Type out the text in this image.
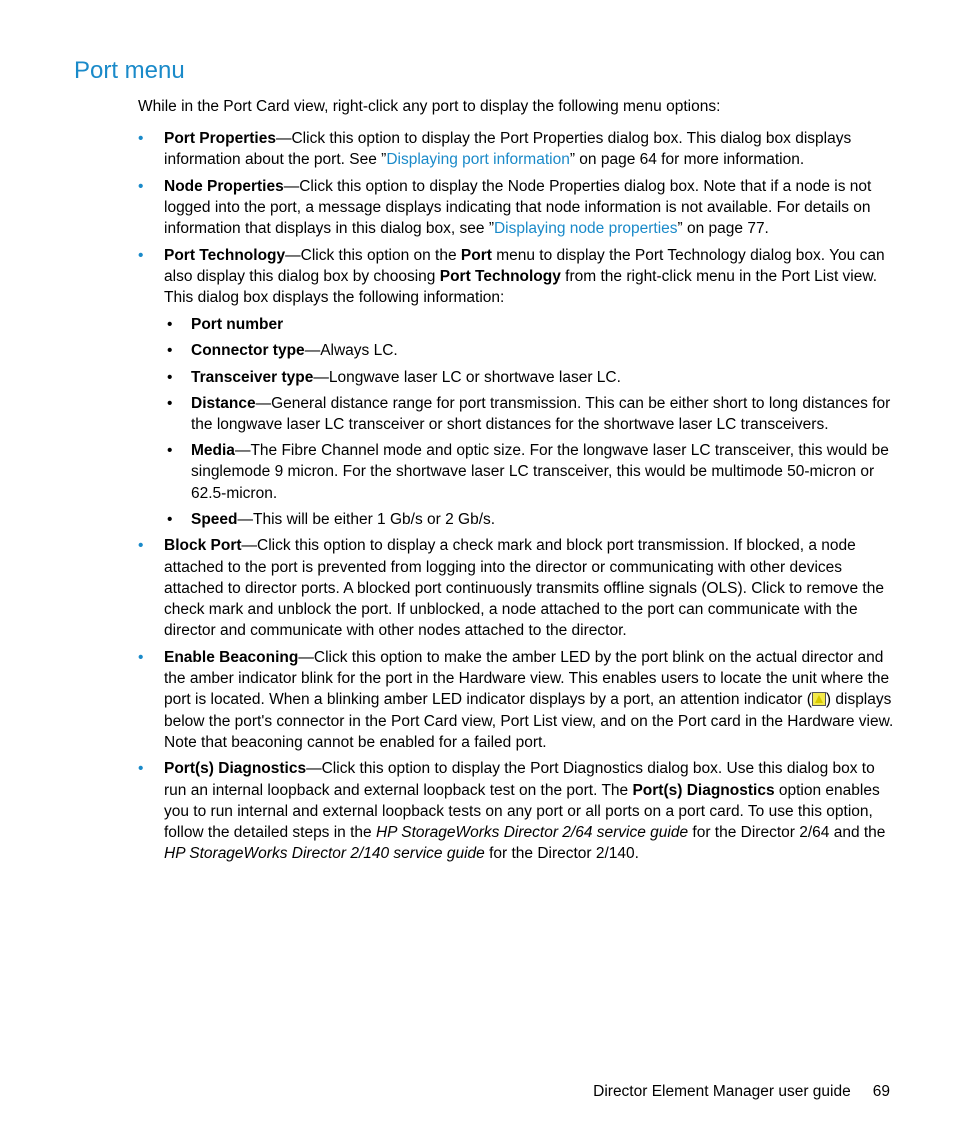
Port menu

While in the Port Card view, right-click any port to display the following menu options:

• Port Properties—Click this option to display the Port Properties dialog box. This dialog box displays information about the port. See ”Displaying port information” on page 64 for more information.
• Node Properties—Click this option to display the Node Properties dialog box. Note that if a node is not logged into the port, a message displays indicating that node information is not available. For details on information that displays in this dialog box, see ”Displaying node properties” on page 77.
• Port Technology—Click this option on the Port menu to display the Port Technology dialog box. You can also display this dialog box by choosing Port Technology from the right-click menu in the Port List view. This dialog box displays the following information:
• Port number
• Connector type—Always LC.
• Transceiver type—Longwave laser LC or shortwave laser LC.
• Distance—General distance range for port transmission. This can be either short to long distances for the longwave laser LC transceiver or short distances for the shortwave laser LC transceivers.
• Media—The Fibre Channel mode and optic size. For the longwave laser LC transceiver, this would be singlemode 9 micron. For the shortwave laser LC transceiver, this would be multimode 50-micron or 62.5-micron.
• Speed—This will be either 1 Gb/s or 2 Gb/s.
• Block Port—Click this option to display a check mark and block port transmission. If blocked, a node attached to the port is prevented from logging into the director or communicating with other devices attached to director ports. A blocked port continuously transmits offline signals (OLS). Click to remove the check mark and unblock the port. If unblocked, a node attached to the port can communicate with the director and communicate with other nodes attached to the director.
• Enable Beaconing—Click this option to make the amber LED by the port blink on the actual director and the amber indicator blink for the port in the Hardware view. This enables users to locate the unit where the port is located. When a blinking amber LED indicator displays by a port, an attention indicator ( ) displays below the port's connector in the Port Card view, Port List view, and on the Port card in the Hardware view. Note that beaconing cannot be enabled for a failed port.
• Port(s) Diagnostics—Click this option to display the Port Diagnostics dialog box. Use this dialog box to run an internal loopback and external loopback test on the port. The Port(s) Diagnostics option enables you to run internal and external loopback tests on any port or all ports on a port card. To use this option, follow the detailed steps in the HP StorageWorks Director 2/64 service guide for the Director 2/64 and the HP StorageWorks Director 2/140 service guide for the Director 2/140.
Director Element Manager user guide 69
